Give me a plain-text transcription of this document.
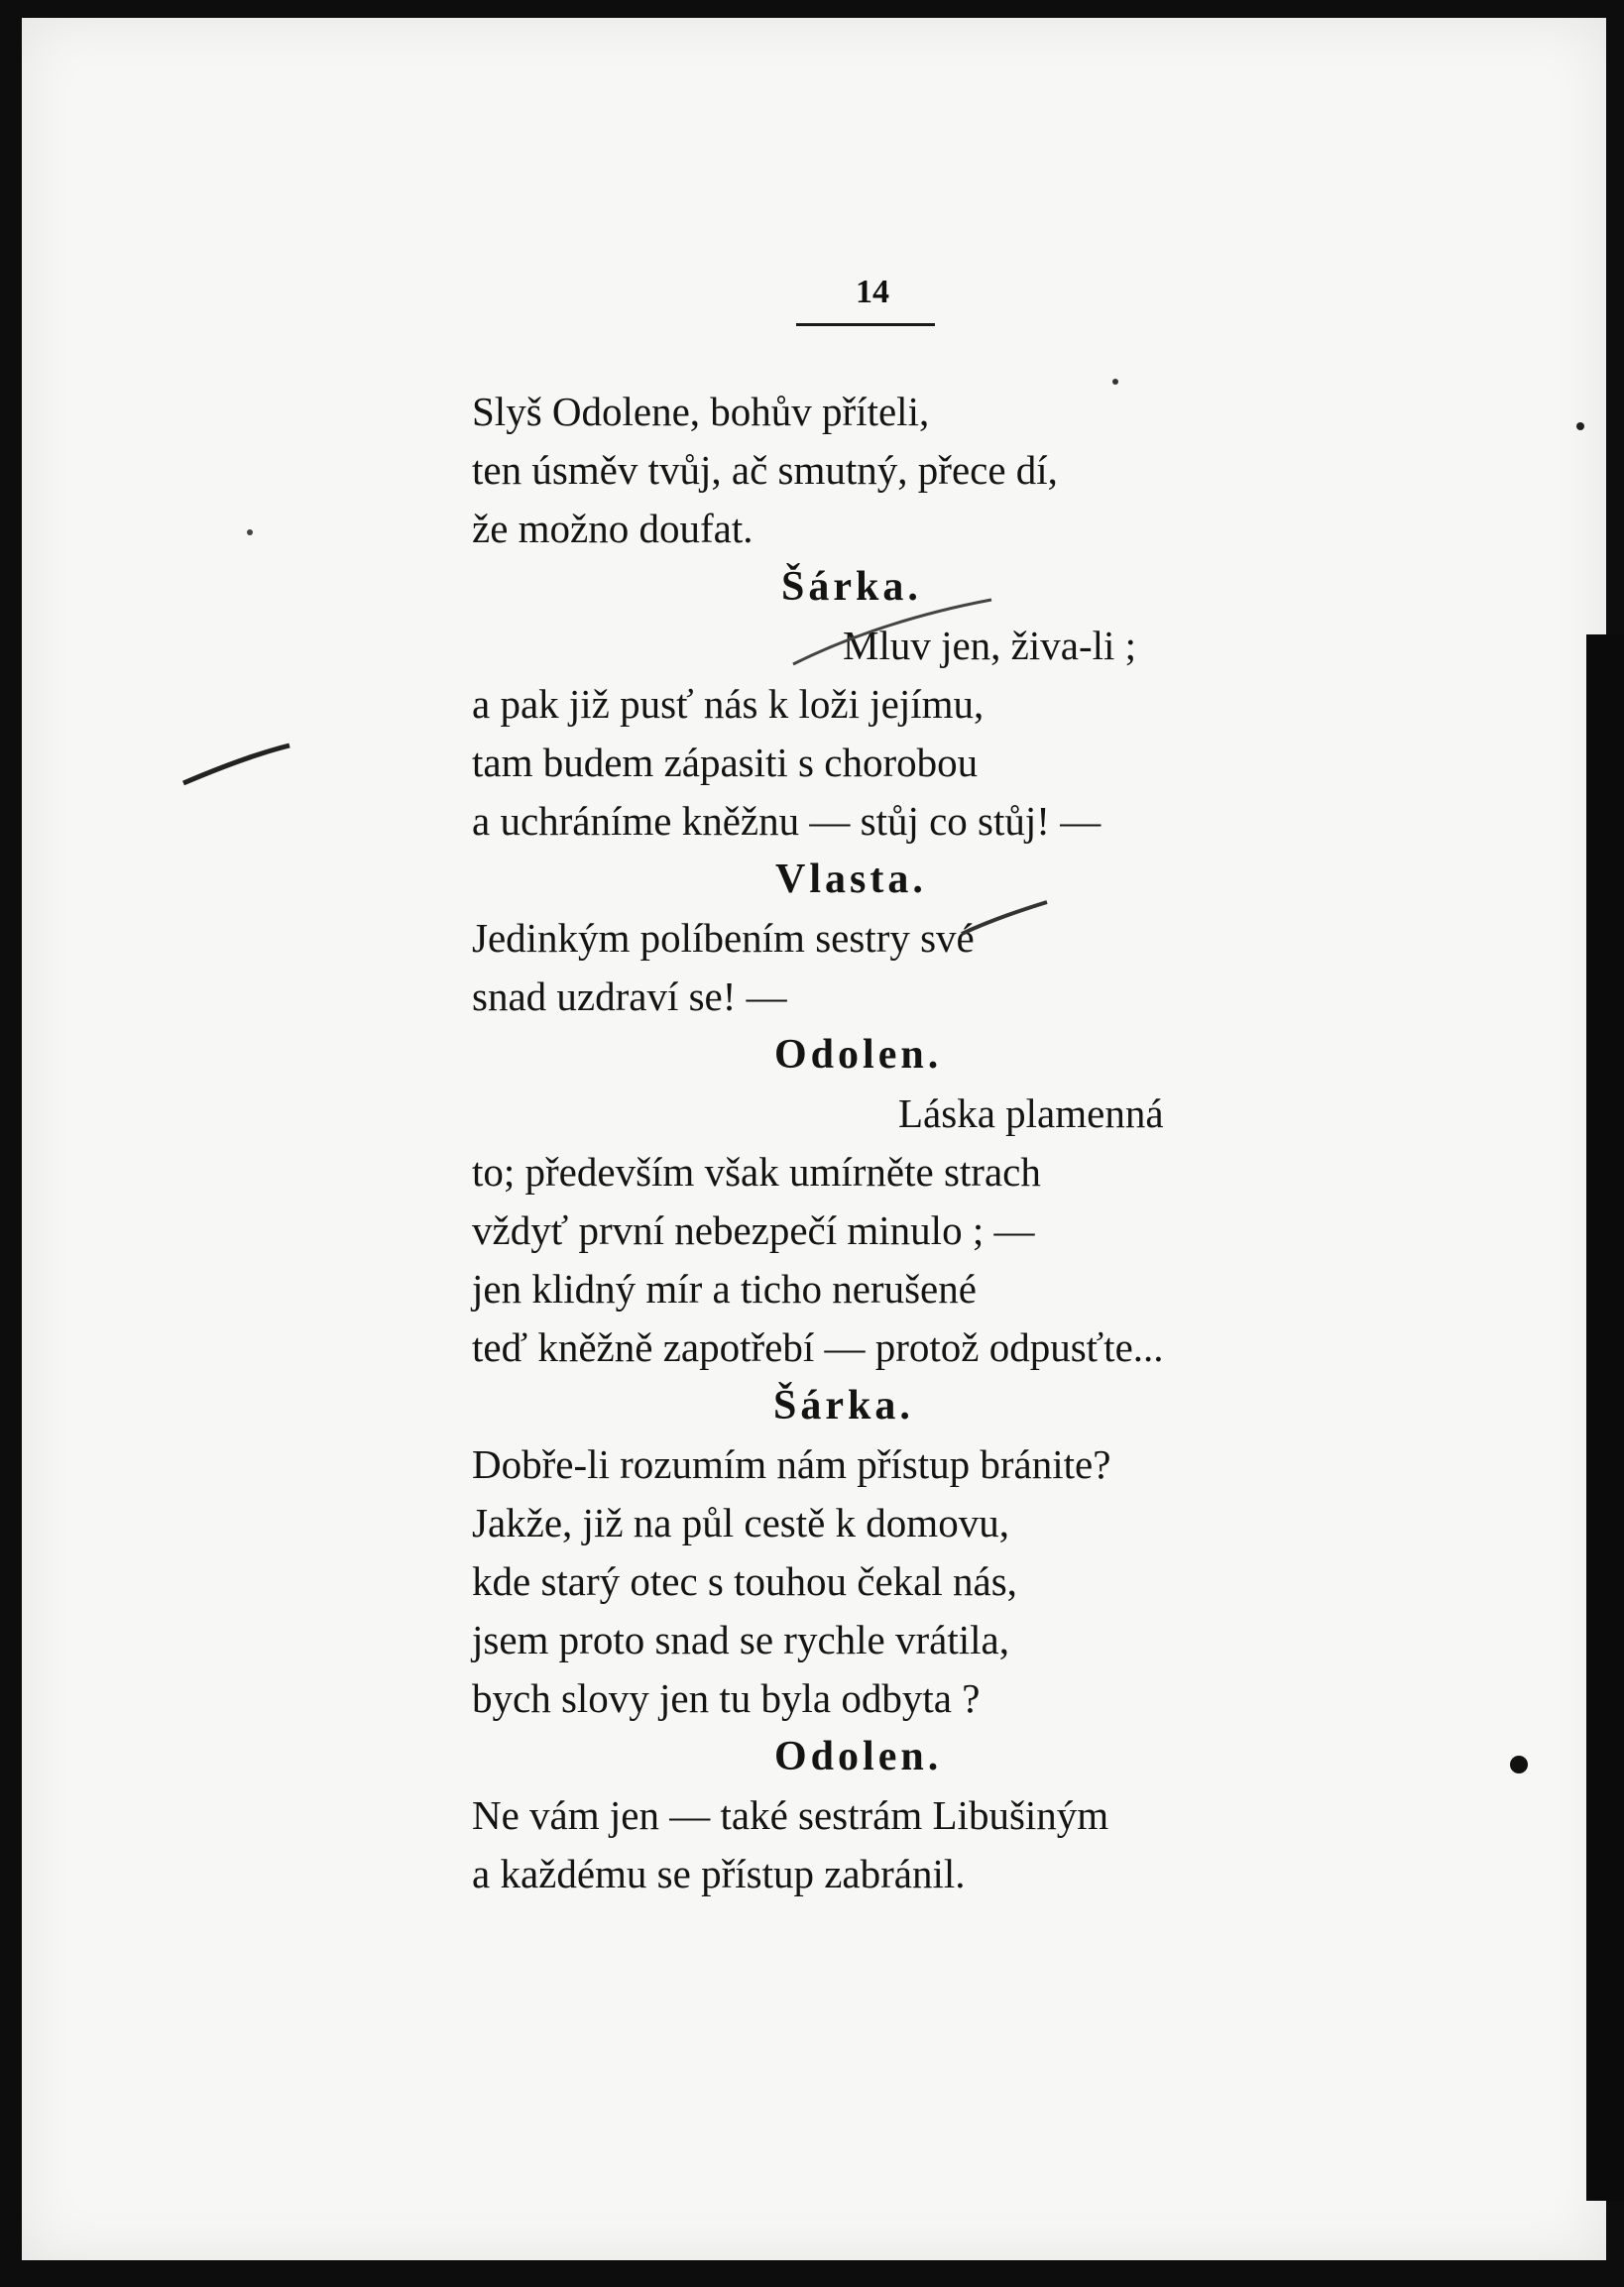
14
Slyš Odolene, bohův příteli,
ten úsměv tvůj, ač smutný, přece dí,
že možno doufat.
Šárka.
Mluv jen, živa-li ;
a pak již pusť nás k loži jejímu,
tam budem zápasiti s chorobou
a uchráníme kněžnu — stůj co stůj! —
Vlasta.
Jedinkým políbením sestry své
snad uzdraví se! —
Odolen.
Láska plamenná
to; především však umírněte strach
vždyť první nebezpečí minulo ; —
jen klidný mír a ticho nerušené
teď kněžně zapotřebí — protož odpusťte...
Šárka.
Dobře-li rozumím nám přístup bránite?
Jakže, již na půl cestě k domovu,
kde starý otec s touhou čekal nás,
jsem proto snad se rychle vrátila,
bych slovy jen tu byla odbyta ?
Odolen.
Ne vám jen — také sestrám Libušiným
a každému se přístup zabránil.
